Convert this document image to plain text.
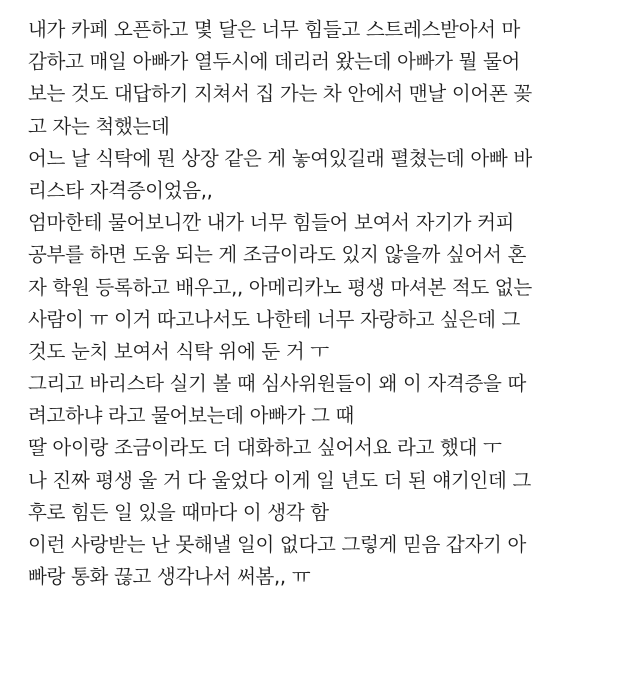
내가 카페 오픈하고 몇 달은 너무 힘들고 스트레스받아서 마
감하고 매일 아빠가 열두시에 데리러 왔는데 아빠가 뭘 물어
보는 것도 대답하기 지쳐서 집 가는 차 안에서 맨날 이어폰 꽂
고 자는 척했는데
어느 날 식탁에 뭔 상장 같은 게 놓여있길래 펼쳤는데 아빠 바
리스타 자격증이었음,,
엄마한테 물어보니깐 내가 너무 힘들어 보여서 자기가 커피
공부를 하면 도움 되는 게 조금이라도 있지 않을까 싶어서 혼
자 학원 등록하고 배우고,, 아메리카노 평생 마셔본 적도 없는
사람이 ㅠ 이거 따고나서도 나한테 너무 자랑하고 싶은데 그
것도 눈치 보여서 식탁 위에 둔 거 ㅜ
그리고 바리스타 실기 볼 때 심사위원들이 왜 이 자격증을 따
려고하냐 라고 물어보는데 아빠가 그 때
딸 아이랑 조금이라도 더 대화하고 싶어서요 라고 했대 ㅜ
나 진짜 평생 울 거 다 울었다 이게 일 년도 더 된 얘기인데 그
후로 힘든 일 있을 때마다 이 생각 함
이런 사랑받는 난 못해낼 일이 없다고 그렇게 믿음 갑자기 아
빠랑 통화 끊고 생각나서 써봄,, ㅠ
